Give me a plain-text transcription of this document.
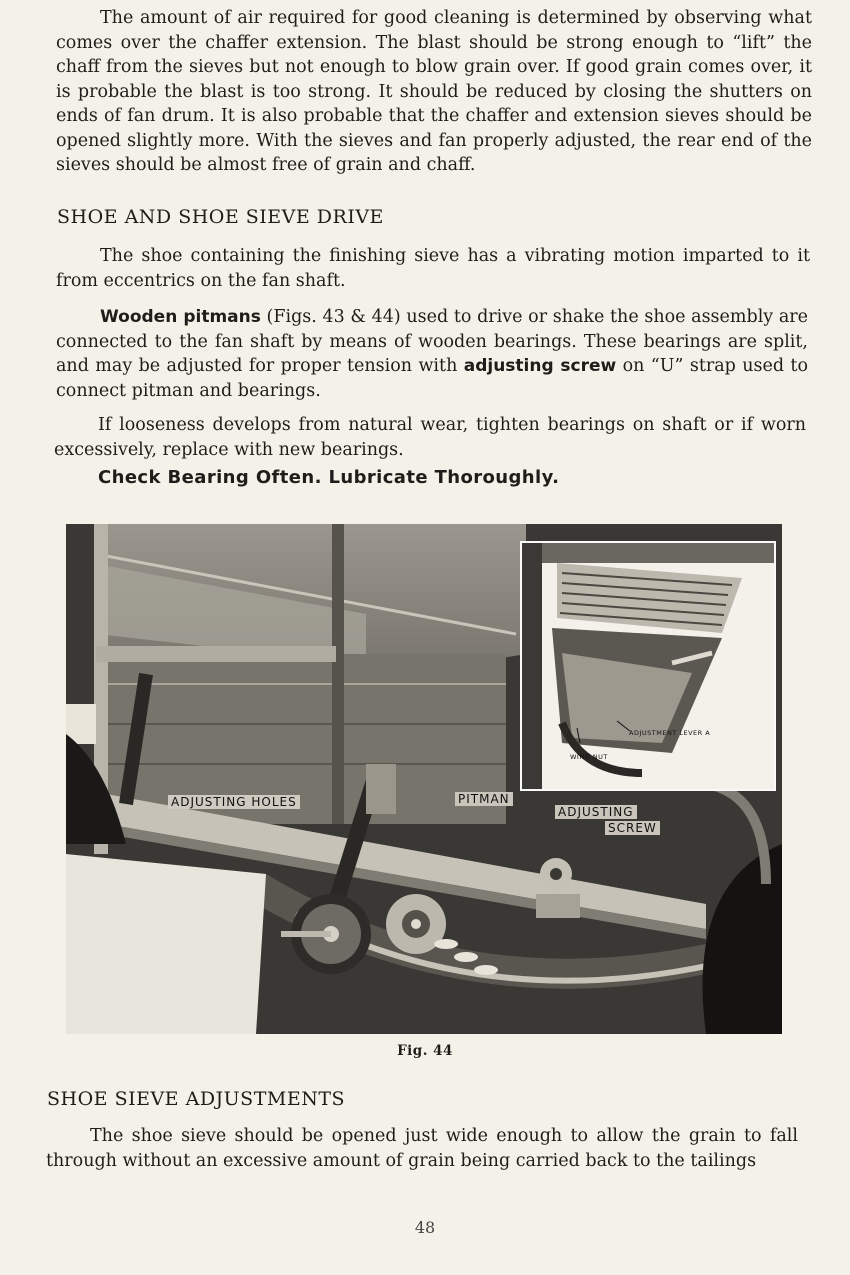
The amount of air required for good cleaning is determined by observing what comes over the chaffer extension. The blast should be strong enough to “lift” the chaff from the sieves but not enough to blow grain over. If good grain comes over, it is probable the blast is too strong. It should be reduced by closing the shutters on ends of fan drum. It is also probable that the chaffer and extension sieves should be opened slightly more. With the sieves and fan properly adjusted, the rear end of the sieves should be almost free of grain and chaff.

SHOE AND SHOE SIEVE DRIVE

The shoe containing the finishing sieve has a vibrating motion imparted to it from eccentrics on the fan shaft.

Wooden pitmans (Figs. 43 & 44) used to drive or shake the shoe assembly are connected to the fan shaft by means of wooden bearings. These bearings are split, and may be adjusted for proper tension with adjusting screw on “U” strap used to connect pitman and bearings.

If looseness develops from natural wear, tighten bearings on shaft or if worn excessively, replace with new bearings.

Check Bearing Often. Lubricate Thoroughly.

ADJUSTMENT LEVER A
WING NUT
ADJUSTING HOLES	PITMAN
ADJUSTING
SCREW
Fig. 44
SHOE SIEVE ADJUSTMENTS

The shoe sieve should be opened just wide enough to allow the grain to fall through without an excessive amount of grain being carried back to the tailings

48
